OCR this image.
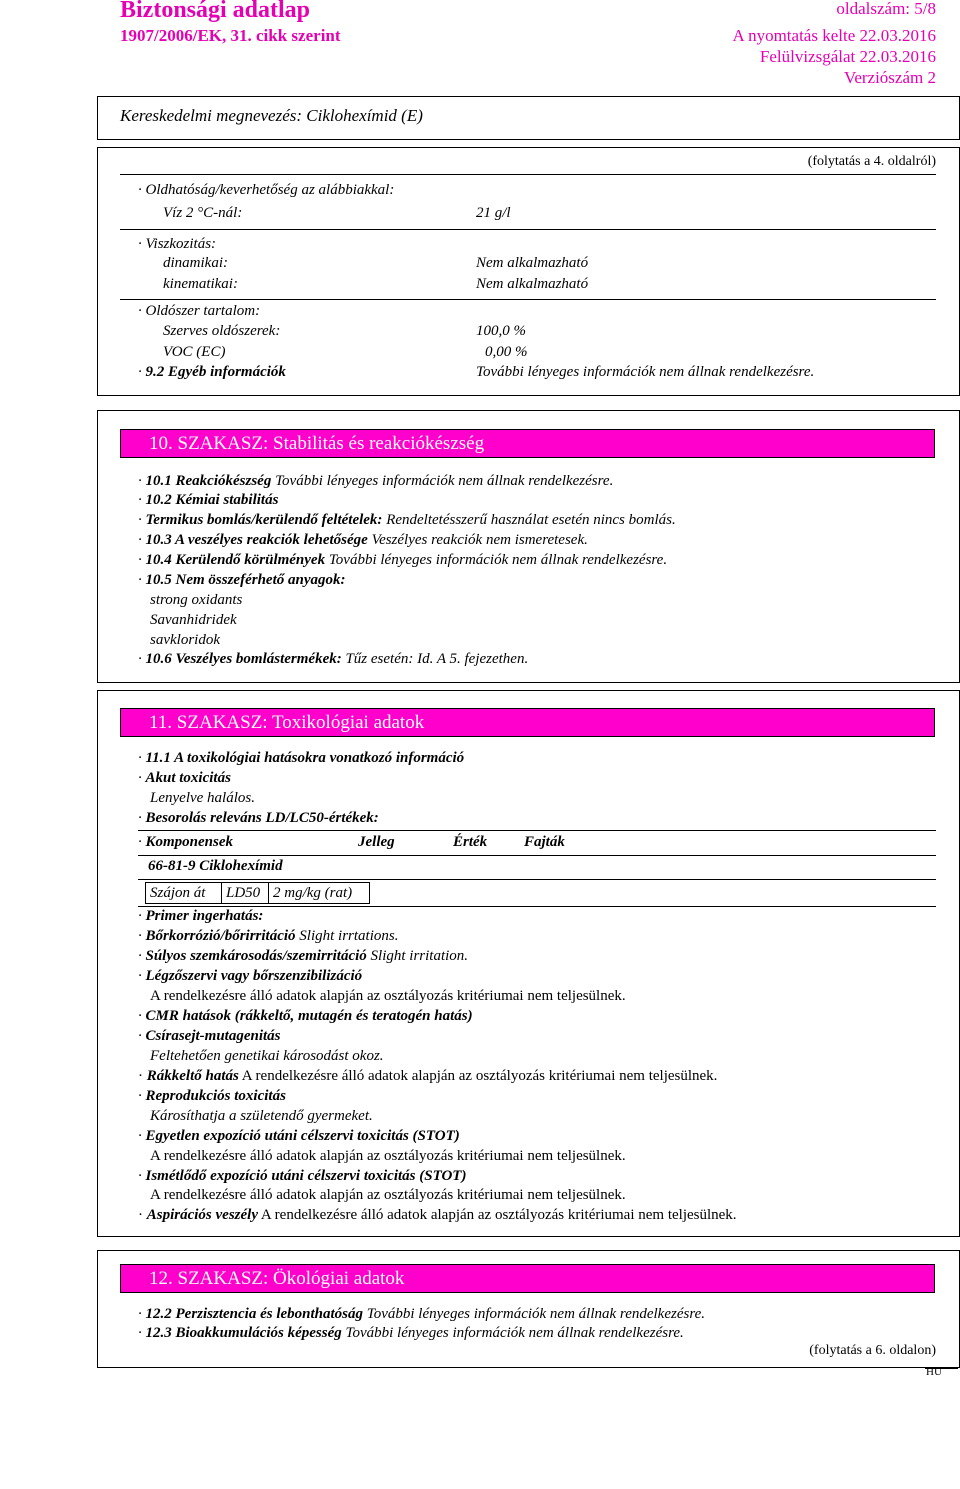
Biztonsági adatlap
1907/2006/EK, 31. cikk szerint
oldalszám: 5/8
A nyomtatás kelte 22.03.2016
Felülvizsgálat 22.03.2016
Verziószám 2
Kereskedelmi megnevezés: Ciklohexímid (E)
(folytatás a 4. oldalról)
· Oldhatóság/keverhetőség az alábbiakkal:
Víz 2 °C-nál:	21 g/l
· Viszkozitás:
dinamikai:	Nem alkalmazható
kinematikai:	Nem alkalmazható
· Oldószer tartalom:
Szerves oldószerek:	100,0 %
VOC (EC)	0,00 %
· 9.2 Egyéb információk	További lényeges információk nem állnak rendelkezésre.
10. SZAKASZ: Stabilitás és reakciókészség
· 10.1 Reakciókészség További lényeges információk nem állnak rendelkezésre.
· 10.2 Kémiai stabilitás
· Termikus bomlás/kerülendő feltételek: Rendeltetésszerű használat esetén nincs bomlás.
· 10.3 A veszélyes reakciók lehetősége Veszélyes reakciók nem ismeretesek.
· 10.4 Kerülendő körülmények További lényeges információk nem állnak rendelkezésre.
· 10.5 Nem összeférhető anyagok:
strong oxidants
Savanhidridek
savkloridok
· 10.6 Veszélyes bomlástermékek: Tűz esetén: Id. A 5. fejezethen.
11. SZAKASZ: Toxikológiai adatok
· 11.1 A toxikológiai hatásokra vonatkozó információ
· Akut toxicitás
Lenyelve halálos.
· Besorolás releváns LD/LC50-értékek:
· Komponensek	Jelleg	Érték Fajták
66-81-9 Ciklohexímid
Szájon át	LD50 2 mg/kg (rat)
· Primer ingerhatás:
· Bőrkorrózió/bőrirritáció Slight irrtations.
· Súlyos szemkárosodás/szemirritáció Slight irritation.
· Légzőszervi vagy bőrszenzibilizáció
A rendelkezésre álló adatok alapján az osztályozás kritériumai nem teljesülnek.
· CMR hatások (rákkeltő, mutagén és teratogén hatás)
· Csírasejt-mutagenitás
Feltehetően genetikai károsodást okoz.
· Rákkeltő hatás A rendelkezésre álló adatok alapján az osztályozás kritériumai nem teljesülnek.
· Reprodukciós toxicitás
Károsíthatja a születendő gyermeket.
· Egyetlen expozíció utáni célszervi toxicitás (STOT)
A rendelkezésre álló adatok alapján az osztályozás kritériumai nem teljesülnek.
· Ismétlődő expozíció utáni célszervi toxicitás (STOT)
A rendelkezésre álló adatok alapján az osztályozás kritériumai nem teljesülnek.
· Aspirációs veszély A rendelkezésre álló adatok alapján az osztályozás kritériumai nem teljesülnek.
12. SZAKASZ: Ökológiai adatok
· 12.2 Perzisztencia és lebonthatóság További lényeges információk nem állnak rendelkezésre.
· 12.3 Bioakkumulációs képesség További lényeges információk nem állnak rendelkezésre.
(folytatás a 6. oldalon)
HU
